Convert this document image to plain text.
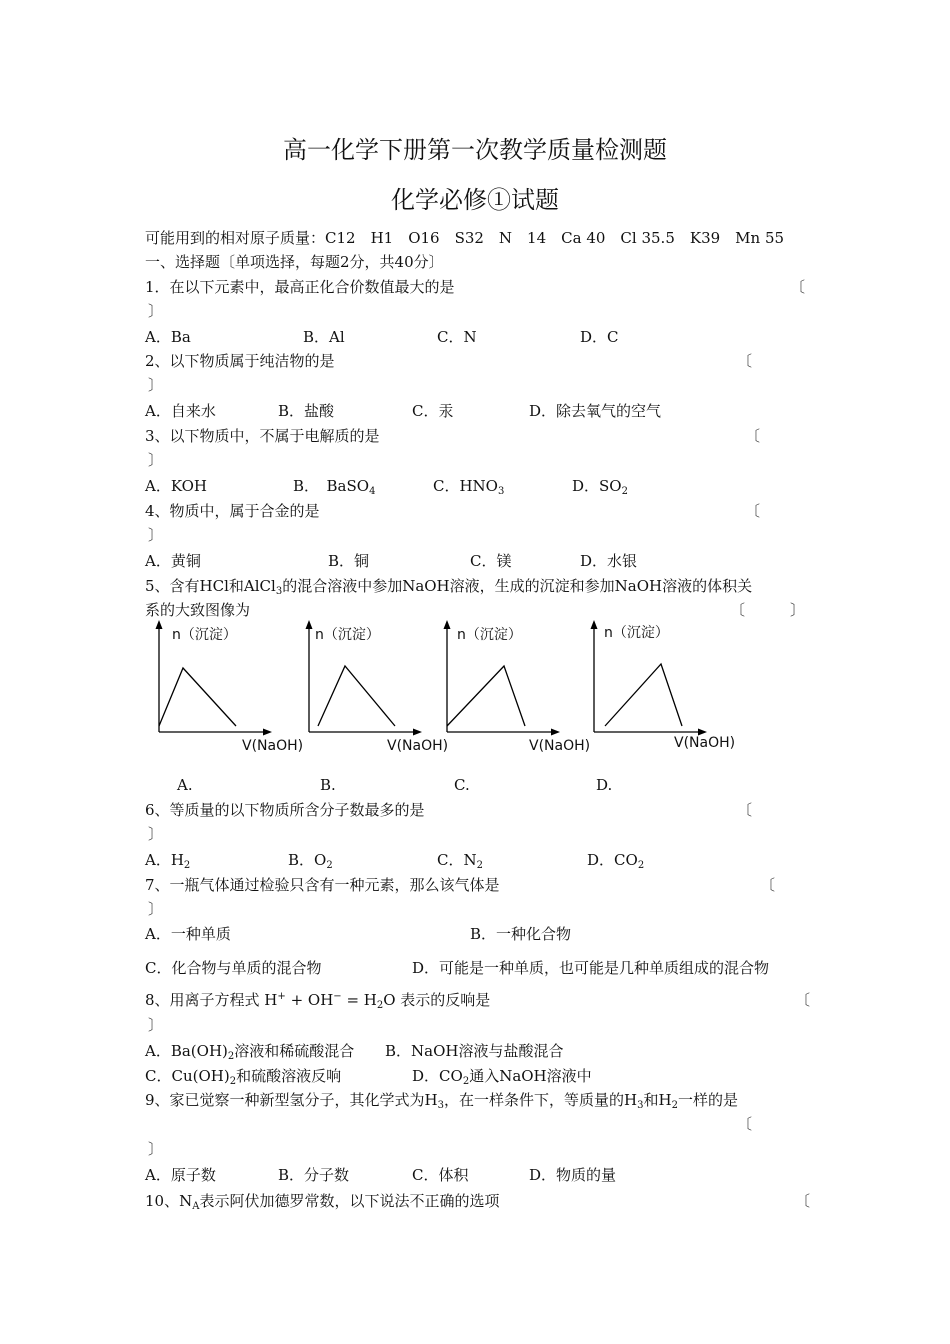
高一化学下册第一次教学质量检测题
化学必修①试题
可能用到的相对原子质量：C12　H1　O16　S32　N　14　Ca 40　Cl 35.5　K39　Mn 55
一、选择题〔单项选择，每题2分，共40分〕
1．在以下元素中，最高正化合价数值最大的是	〔
〕
A．Ba	B．Al	C．N	D．C
2、以下物质属于纯洁物的是	〔
〕
A．自来水	B．盐酸	C．汞	D．除去氧气的空气
3、以下物质中，不属于电解质的是	〔
〕
A．KOH	B．　BaSO$_4$	C．$HNO_3$	D．$SO_2$
4、物质中，属于合金的是	〔
〕
A．黄铜	B．铜	C．镁	D．水银
5、含有HCl和AlCl$_3$的混合溶液中参加NaOH溶液，生成的沉淀和参加NaOH溶液的体积关
系的大致图像为	〔　　　〕
n（沉淀）
V(NaOH)
n（沉淀）
V(NaOH)
n（沉淀）
V(NaOH)
n（沉淀）
V(NaOH)
A.	B.	C.	D.
6、等质量的以下物质所含分子数最多的是	〔
〕
A．$H_2$	B．$O_2$	C．$N_2$	D．$CO_2$
7、一瓶气体通过检验只含有一种元素，那么该气体是	〔
〕
A．一种单质	B．一种化合物
C．化合物与单质的混合物	D．可能是一种单质，也可能是几种单质组成的混合物
8、用离子方程式 $H^+ + OH^- = H_2O$ 表示的反响是	〔
〕
A．$Ba(OH)_2$溶液和稀硫酸混合 B．NaOH溶液与盐酸混合
C．$Cu(OH)_2$和硫酸溶液反响	D．$CO_2$通入NaOH溶液中
9、家已觉察一种新型氢分子，其化学式为$H_3$，在一样条件下，等质量的$H_3$和$H_2$一样的是
〔
〕
A．原子数	B．分子数	C．体积	D．物质的量
10、$N_A$表示阿伏加德罗常数，以下说法不正确的选项	〔
